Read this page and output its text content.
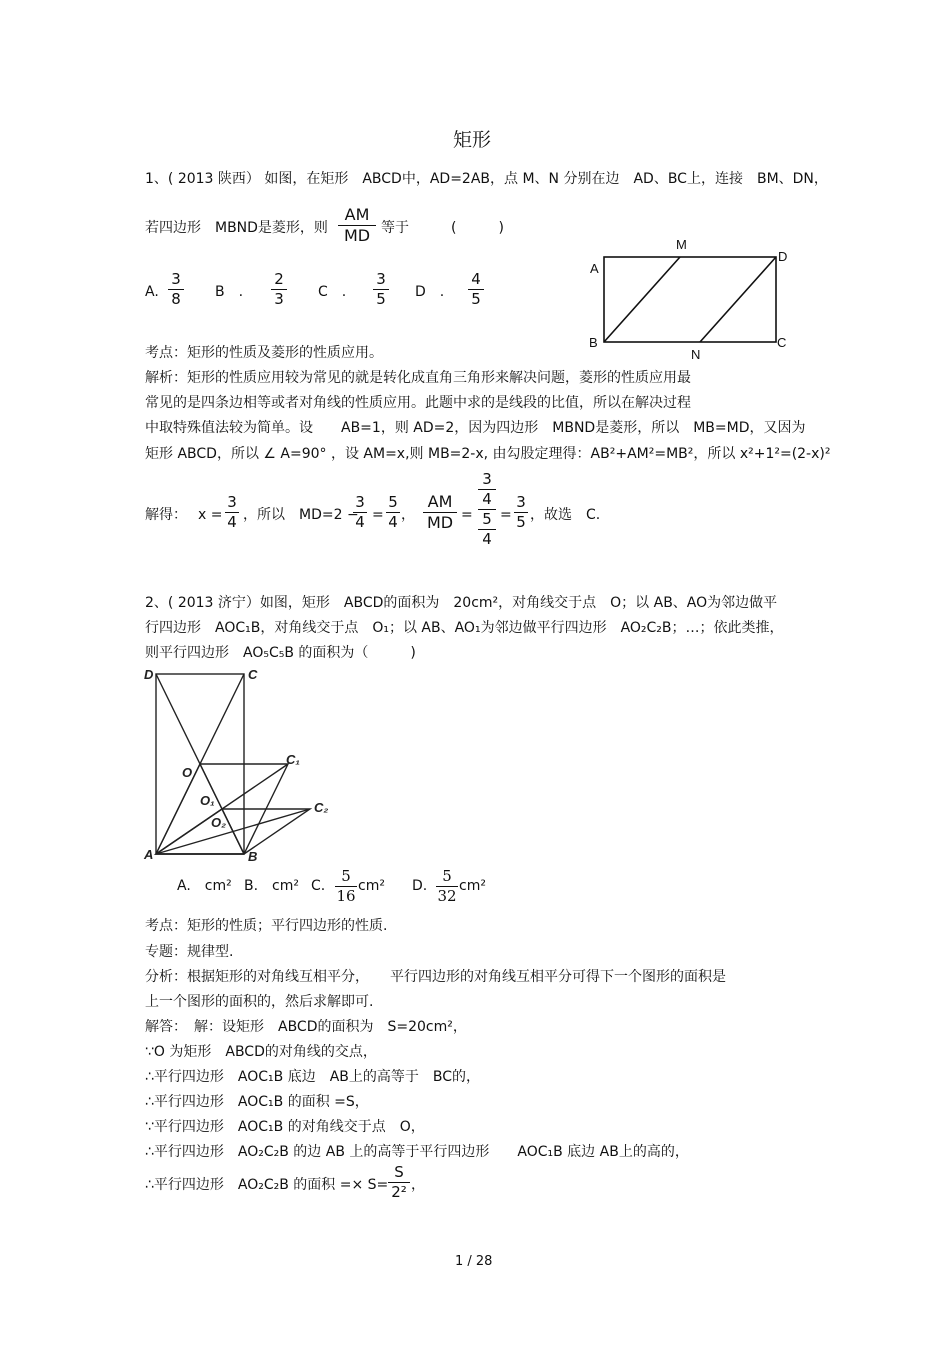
矩形
1、( 2013 陕西） 如图，在矩形　ABCD中，AD=2AB，点 M、N 分别在边　AD、BC上，连接　BM、DN，
若四边形　MBND是菱形，则
AM
MD 等于　　　(　　　)
A.
3
8 B　.
2
3 C　.
3
5 D　.
4
5
A
M
D
B
N
C
考点：矩形的性质及菱形的性质应用。
解析：矩形的性质应用较为常见的就是转化成直角三角形来解决问题，菱形的性质应用最
常见的是四条边相等或者对角线的性质应用。此题中求的是线段的比值，所以在解决过程
中取特殊值法较为简单。设　　AB=1，则 AD=2，因为四边形　MBND是菱形，所以　MB=MD，又因为
矩形 ABCD，所以 ∠ A=90° ，设 AM=x,则 MB=2-x, 由勾股定理得：AB²+AM²=MB²，所以 x²+1²=(2-x)²
解得： x =
3
4 ，所以　MD=2 −
3
4 =
5
4 ，
AM
MD =
3
4
5
4
=
3
5 ，故选　C.
2、( 2013 济宁）如图，矩形　ABCD的面积为　20cm²，对角线交于点　O；以 AB、AO为邻边做平
行四边形　AOC₁B，对角线交于点　O₁；以 AB、AO₁为邻边做平行四边形　AO₂C₂B；…；依此类推，
则平行四边形　AO₅C₅B 的面积为（　　　)
D	C
O
C₁
O₁	C₂
O₂
A	B
A.　cm² B.　cm² C.
5
16
cm² D.
5
32
cm²
考点：矩形的性质；平行四边形的性质.
专题：规律型.
分析：根据矩形的对角线互相平分，　　平行四边形的对角线互相平分可得下一个图形的面积是
上一个图形的面积的，然后求解即可.
解答：　解：设矩形　ABCD的面积为　S=20cm²，
∵O 为矩形　ABCD的对角线的交点，
∴平行四边形　AOC₁B 底边　AB上的高等于　BC的，
∴平行四边形　AOC₁B 的面积 =S，
∵平行四边形　AOC₁B 的对角线交于点　O，
∴平行四边形　AO₂C₂B 的边 AB 上的高等于平行四边形　　AOC₁B 底边 AB上的高的，
∴平行四边形　AO₂C₂B 的面积 =× S=
S
2² ，
1 / 28
